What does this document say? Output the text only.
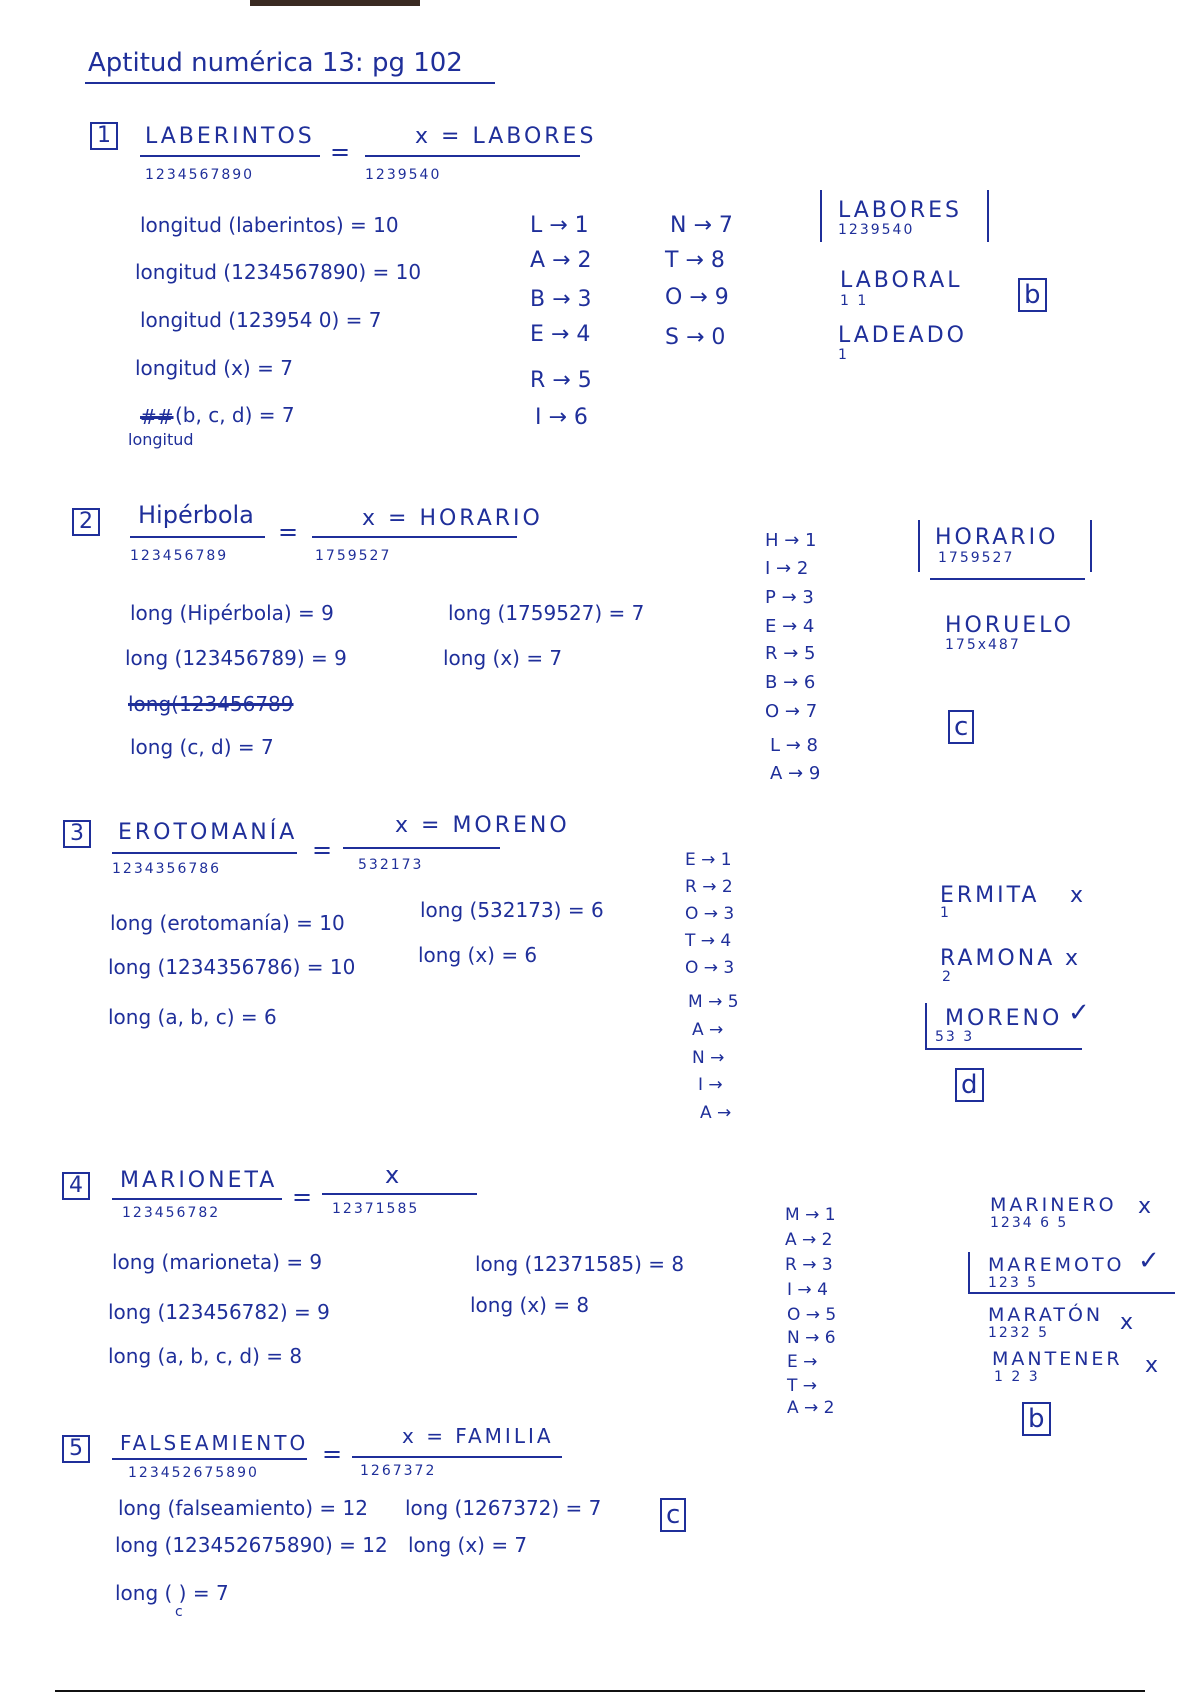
Aptitud numérica 13: pg 102
1	LABERINTOS
1234567890
=
x = LABORES
1239540
longitud (laberintos) = 10
longitud (1234567890) = 10
longitud (123954 0) = 7
longitud (x) = 7
(b, c, d) = 7
##
longitud
L → 1
A → 2
B → 3
E → 4
R → 5
I → 6
N → 7
T → 8
O → 9
S → 0
LABORES
1239540
LABORAL
1 1
LADEADO
1
b
2 Hipérbola
123456789
=	x = HORARIO
1759527
long (Hipérbola) = 9
long (123456789) = 9
long(123456789
long (c, d) = 7
long (1759527) = 7
long (x) = 7
H → 1
I → 2
P → 3
E → 4
R → 5
B → 6
O → 7
L → 8
A → 9
HORARIO
1759527
HORUELO
175x487
c
3	EROTOMANÍA
1234356786
=
x = MORENO
532173
long (erotomanía) = 10
long (1234356786) = 10
long (a, b, c) = 6
long (532173) = 6
long (x) = 6
E → 1
R → 2
O → 3
T → 4
O → 3
M → 5
A →
N →
I →
A →
ERMITA x
1
RAMONA x
2
MORENO ✓
53 3
d
4	MARIONETA
123456782
=
x
12371585
long (marioneta) = 9
long (123456782) = 9
long (a, b, c, d) = 8
long (12371585) = 8
long (x) = 8
M → 1
A → 2
R → 3
I → 4
O → 5
N → 6
E →
T →
A → 2
MARINERO x
1234 6 5
MAREMOTO ✓
123 5
MARATÓN x
1232 5
MANTENER x
1 2 3
b
5	FALSEAMIENTO
123452675890
=
x = FAMILIA
1267372
long (falseamiento) = 12
long (123452675890) = 12
long (1267372) = 7
long (x) = 7
long ( ) = 7
c
c
